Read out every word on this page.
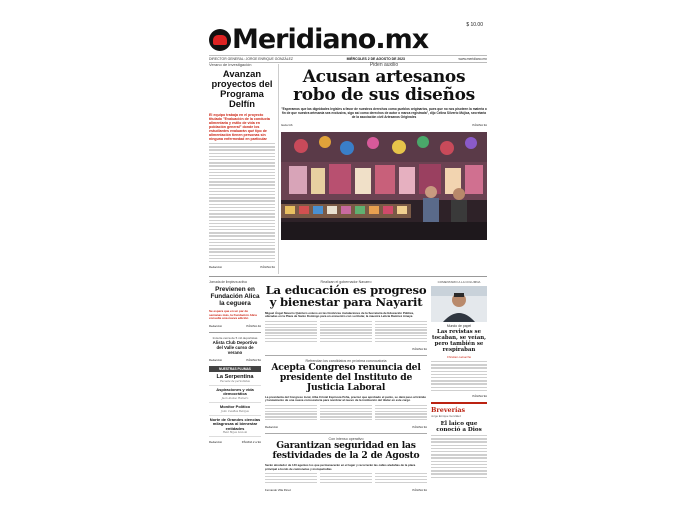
$ 10.00
Meridiano.mx
DIRECTOR GENERAL: JORGE ENRIQUE GONZÁLEZ	MIÉRCOLES 2 DE AGOSTO DE 2023	www.meridiano.mx
Verano de investigación
Avanzan proyectos del Programa Delfín
El equipo trabaja en el proyecto titulado "Evaluación de la conducta alimentaria y estilo de vida en población general" donde los estudiantes evaluarán qué tipo de alimentación tienen personas sin ninguna enfermedad en particular
Redacción	PÁGINA 6A
Piden auxilio
Acusan artesanos robo de sus diseños
"Esperamos que las dignidades legisles a favor de nuestros derechos como pueblos originarios, pues que no nos pisoteen la materia o fin de que nuestra artesanía sea exclusiva, sigo así como derechos de autor o marca registrada", dijo Celina Silverio Mújica, secretaria de la asociación civil Artesanos Originales
Gaza GS	PÁGINA 3A
Jornada de limpieza activa
Previenen en Fundación Alica la ceguera
Se espera que en un par de semanas más, la Fundación Alica consulte una nueva edición
Redacción	PÁGINA 4A
Invierte cerca de 5 mil deportistas
Alista Club Deportivo del Valle curso de verano
Redacción	PÁGINA 5A
NUESTRAS PLUMAS
La Serpentina
Escuela de periodistas
Aspiraciones y vida democrática
Juan Alonso Romero
Monitor Político
Julio Casillas Barajas
Norte de Grandes ciencias milagrosas al bienestar entidades
Raúl Rojas Lizaola
Redacción	PÁGINA 2 a 9A
Realizan el gobernador Navarro
La educación es progreso y bienestar para Nayarit
Miguel Ángel Navarro Quintero estuvo en las históricas instalaciones de la Secretaría de Educación Pública, ubicadas en la Plaza de Santo Domingo para un encuentro con su titular, la maestra Leticia Ramírez Amaya
PÁGINA 3A
Refrendan los candidatos en próxima convocatoria
Acepta Congreso renuncia del presidente del Instituto de Justicia Laboral
La presidenta del Congreso local, Alba Cristal Espinoza Peña, precisó que aprobado el punto, se dará paso al trámite y lanzamiento de una nueva convocatoria para nombrar al nuevo de la institución del titular en este cargo
Redacción	PÁGINA 3A
Con intenso operativo
Garantizan seguridad en las festividades de la 2 de Agosto
Serán alrededor de 140 agentes los que permanecerán en el lugar y recorrerán las calles aledañas de la plaza principal a bordo de camionetas y motopatrullas
Fernando Villa Pérez	PÁGINA 3A
COMENTARIO A LA COLUMNA
Mundo de papel
Las revistas se tocaban, se veían, pero también se respiraban
Christian Lamarche
PÁGINA 9A
Breverías
Jorge Enrique González
El laico que conoció a Dios
